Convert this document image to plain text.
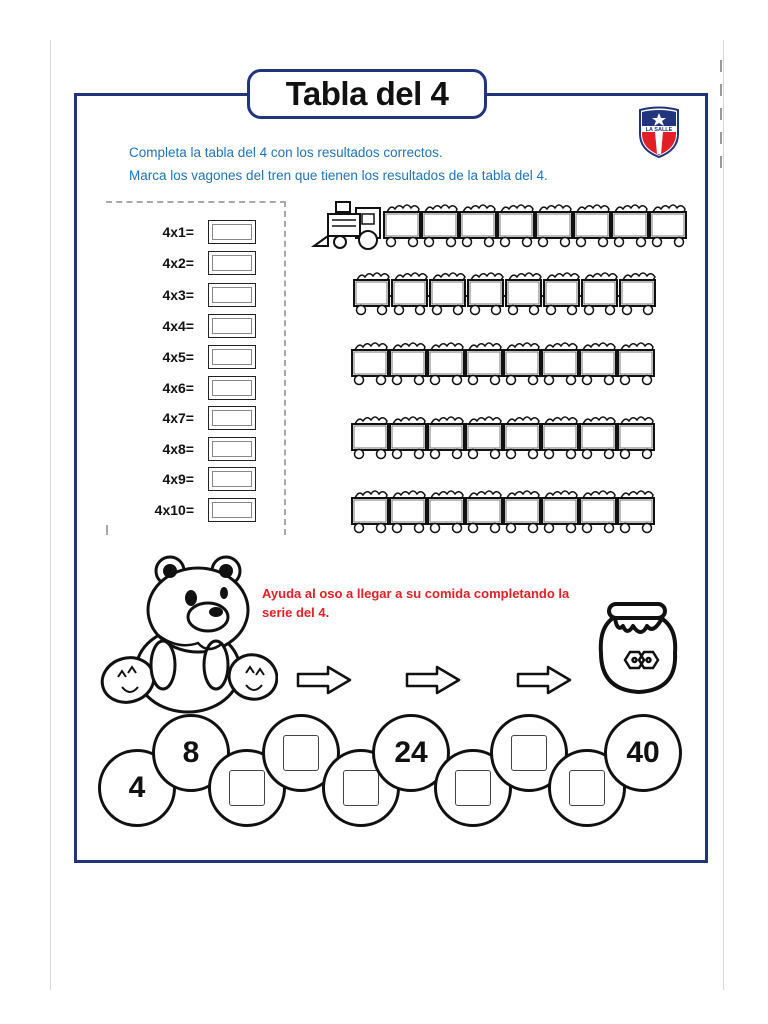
Tabla del 4
LA SALLE
Completa la tabla del 4 con los resultados correctos.
Marca los vagones del tren que tienen los resultados de la tabla del 4.
4x1=
4x2=
4x3=
4x4=
4x5=
4x6=
4x7=
4x8=
4x9=
4x10=
Ayuda al oso a llegar a su comida completando la serie del 4.
4
8	24	40
